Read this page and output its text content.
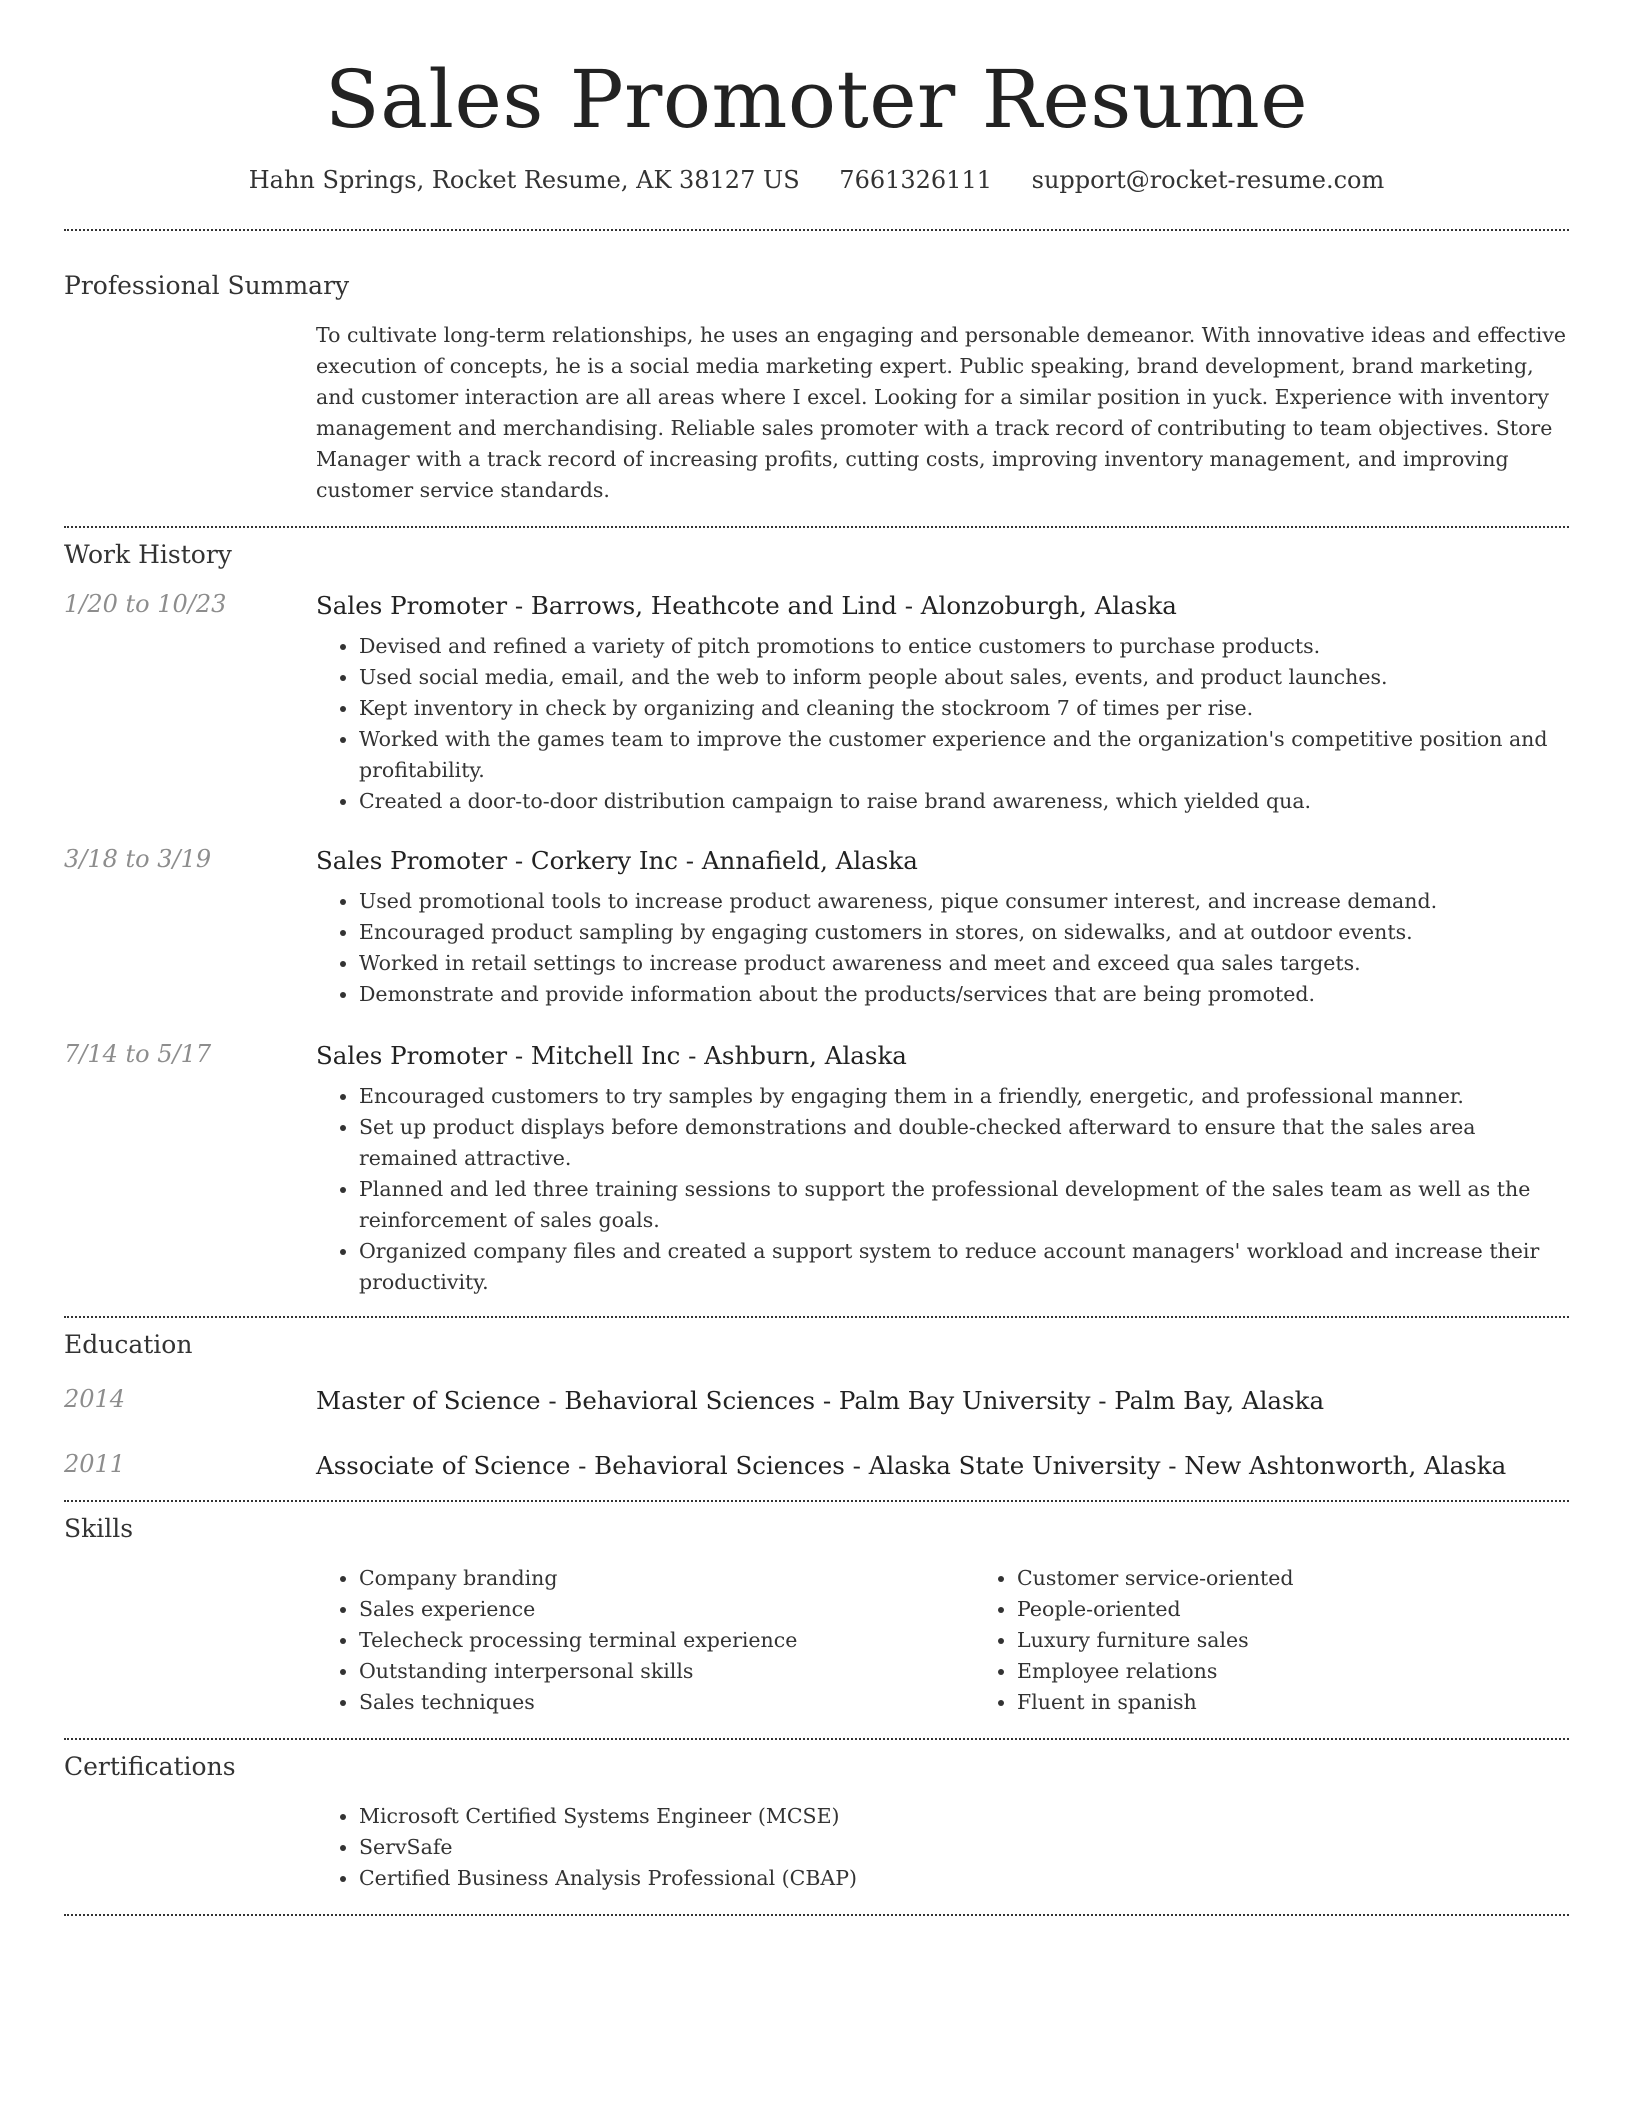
Sales Promoter Resume
Hahn Springs, Rocket Resume, AK 38127 US 7661326111 support@rocket-resume.com
Professional Summary
To cultivate long-term relationships, he uses an engaging and personable demeanor. With innovative ideas and effective execution of concepts, he is a social media marketing expert. Public speaking, brand development, brand marketing, and customer interaction are all areas where I excel. Looking for a similar position in yuck. Experience with inventory management and merchandising. Reliable sales promoter with a track record of contributing to team objectives. Store Manager with a track record of increasing profits, cutting costs, improving inventory management, and improving customer service standards.
Work History
1/20 to 10/23	Sales Promoter - Barrows, Heathcote and Lind - Alonzoburgh, Alaska
• Devised and refined a variety of pitch promotions to entice customers to purchase products.
• Used social media, email, and the web to inform people about sales, events, and product launches.
• Kept inventory in check by organizing and cleaning the stockroom 7 of times per rise.
• Worked with the games team to improve the customer experience and the organization's competitive position and profitability.
• Created a door-to-door distribution campaign to raise brand awareness, which yielded qua.
3/18 to 3/19	Sales Promoter - Corkery Inc - Annafield, Alaska
• Used promotional tools to increase product awareness, pique consumer interest, and increase demand.
• Encouraged product sampling by engaging customers in stores, on sidewalks, and at outdoor events.
• Worked in retail settings to increase product awareness and meet and exceed qua sales targets.
• Demonstrate and provide information about the products/services that are being promoted.
7/14 to 5/17	Sales Promoter - Mitchell Inc - Ashburn, Alaska
• Encouraged customers to try samples by engaging them in a friendly, energetic, and professional manner.
• Set up product displays before demonstrations and double-checked afterward to ensure that the sales area remained attractive.
• Planned and led three training sessions to support the professional development of the sales team as well as the reinforcement of sales goals.
• Organized company files and created a support system to reduce account managers' workload and increase their productivity.
Education
2014	Master of Science - Behavioral Sciences - Palm Bay University - Palm Bay, Alaska
2011	Associate of Science - Behavioral Sciences - Alaska State University - New Ashtonworth, Alaska
Skills
• Company branding
• Sales experience
• Telecheck processing terminal experience
• Outstanding interpersonal skills
• Sales techniques
• Customer service-oriented
• People-oriented
• Luxury furniture sales
• Employee relations
• Fluent in spanish
Certifications
• Microsoft Certified Systems Engineer (MCSE)
• ServSafe
• Certified Business Analysis Professional (CBAP)
